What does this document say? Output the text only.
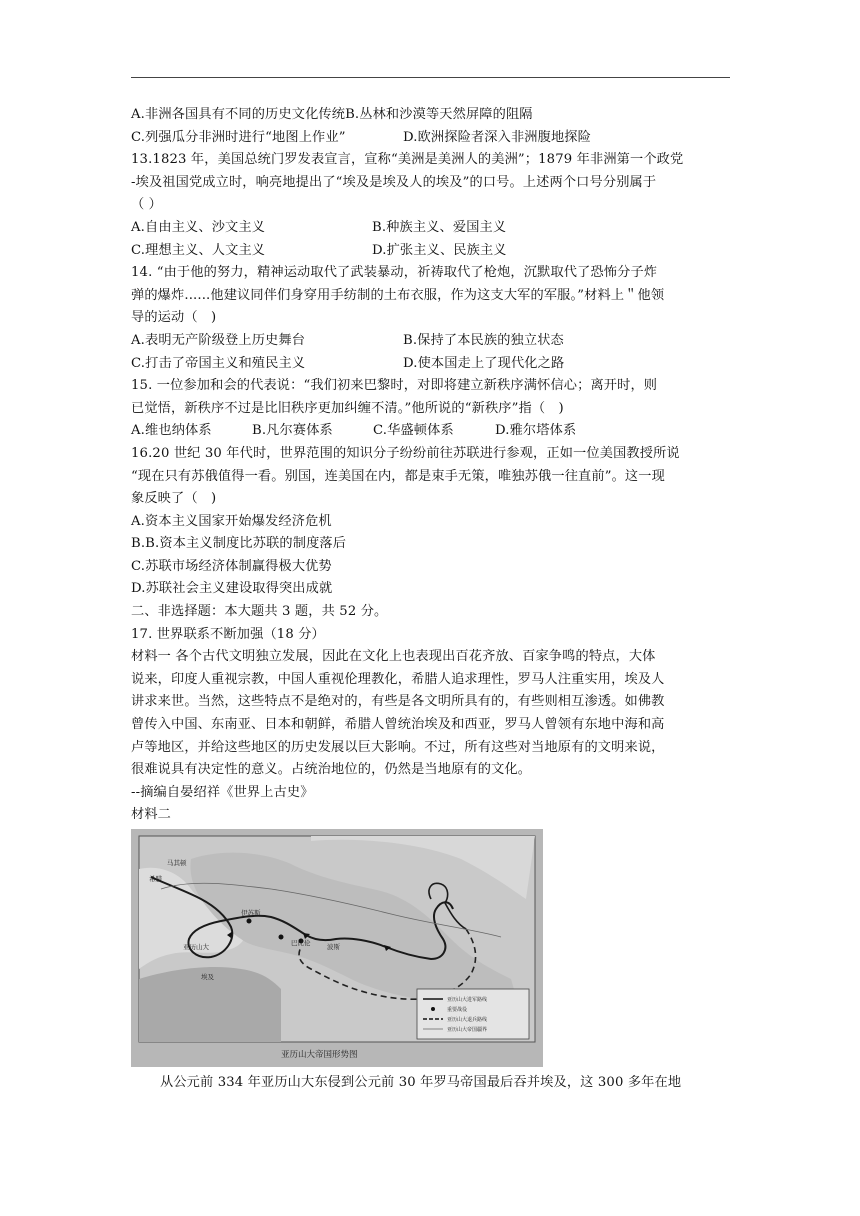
A.非洲各国具有不同的历史文化传统B.丛林和沙漠等天然屏障的阻隔
C.列强瓜分非洲时进行“地图上作业”	D.欧洲探险者深入非洲腹地探险
13.1823 年，美国总统门罗发表宣言，宣称“美洲是美洲人的美洲”；1879 年非洲第一个政党
-埃及祖国党成立时，响亮地提出了“埃及是埃及人的埃及”的口号。上述两个口号分别属于
（ ）
A.自由主义、沙文主义	B.种族主义、爱国主义
C.理想主义、人文主义	D.扩张主义、民族主义
14. “由于他的努力，精神运动取代了武装暴动，祈祷取代了枪炮，沉默取代了恐怖分子炸
弹的爆炸......他建议同伴们身穿用手纺制的土布衣服，作为这支大军的军服。”材料上＂他领
导的运动（　)
A.表明无产阶级登上历史舞台	B.保持了本民族的独立状态
C.打击了帝国主义和殖民主义	D.使本国走上了现代化之路
15. 一位参加和会的代表说：“我们初来巴黎时，对即将建立新秩序满怀信心；离开时，则
已觉悟，新秩序不过是比旧秩序更加纠缠不清。”他所说的“新秩序”指（　)
A.维也纳体系	B.凡尔赛体系	C.华盛顿体系	D.雅尔塔体系
16.20 世纪 30 年代时，世界范围的知识分子纷纷前往苏联进行参观，正如一位美国教授所说
“现在只有苏俄值得一看。别国，连美国在内，都是束手无策，唯独苏俄一往直前”。这一现
象反映了（　)
A.资本主义国家开始爆发经济危机
B.B.资本主义制度比苏联的制度落后
C.苏联市场经济体制赢得极大优势
D.苏联社会主义建设取得突出成就
二、非选择题：本大题共 3 题，共 52 分。
17. 世界联系不断加强（18 分）
材料一 各个古代文明独立发展，因此在文化上也表现出百花齐放、百家争鸣的特点，大体
说来，印度人重视宗教，中国人重视伦理教化，希腊人追求理性，罗马人注重实用，埃及人
讲求来世。当然，这些特点不是绝对的，有些是各文明所具有的，有些则相互渗透。如佛教
曾传入中国、东南亚、日本和朝鲜，希腊人曾统治埃及和西亚，罗马人曾领有东地中海和高
卢等地区，并给这些地区的历史发展以巨大影响。不过，所有这些对当地原有的文明来说，
很难说具有决定性的意义。占统治地位的，仍然是当地原有的文化。
--摘编自晏绍祥《世界上古史》
材料二
马其顿
希腊
伊苏斯
亚历山大
埃及
巴比伦	波斯
亚历山大进军路线
重要战役
亚历山大退兵路线
亚历山大帝国疆界
亚历山大帝国形势图
从公元前 334 年亚历山大东侵到公元前 30 年罗马帝国最后吞并埃及，这 300 多年在地
